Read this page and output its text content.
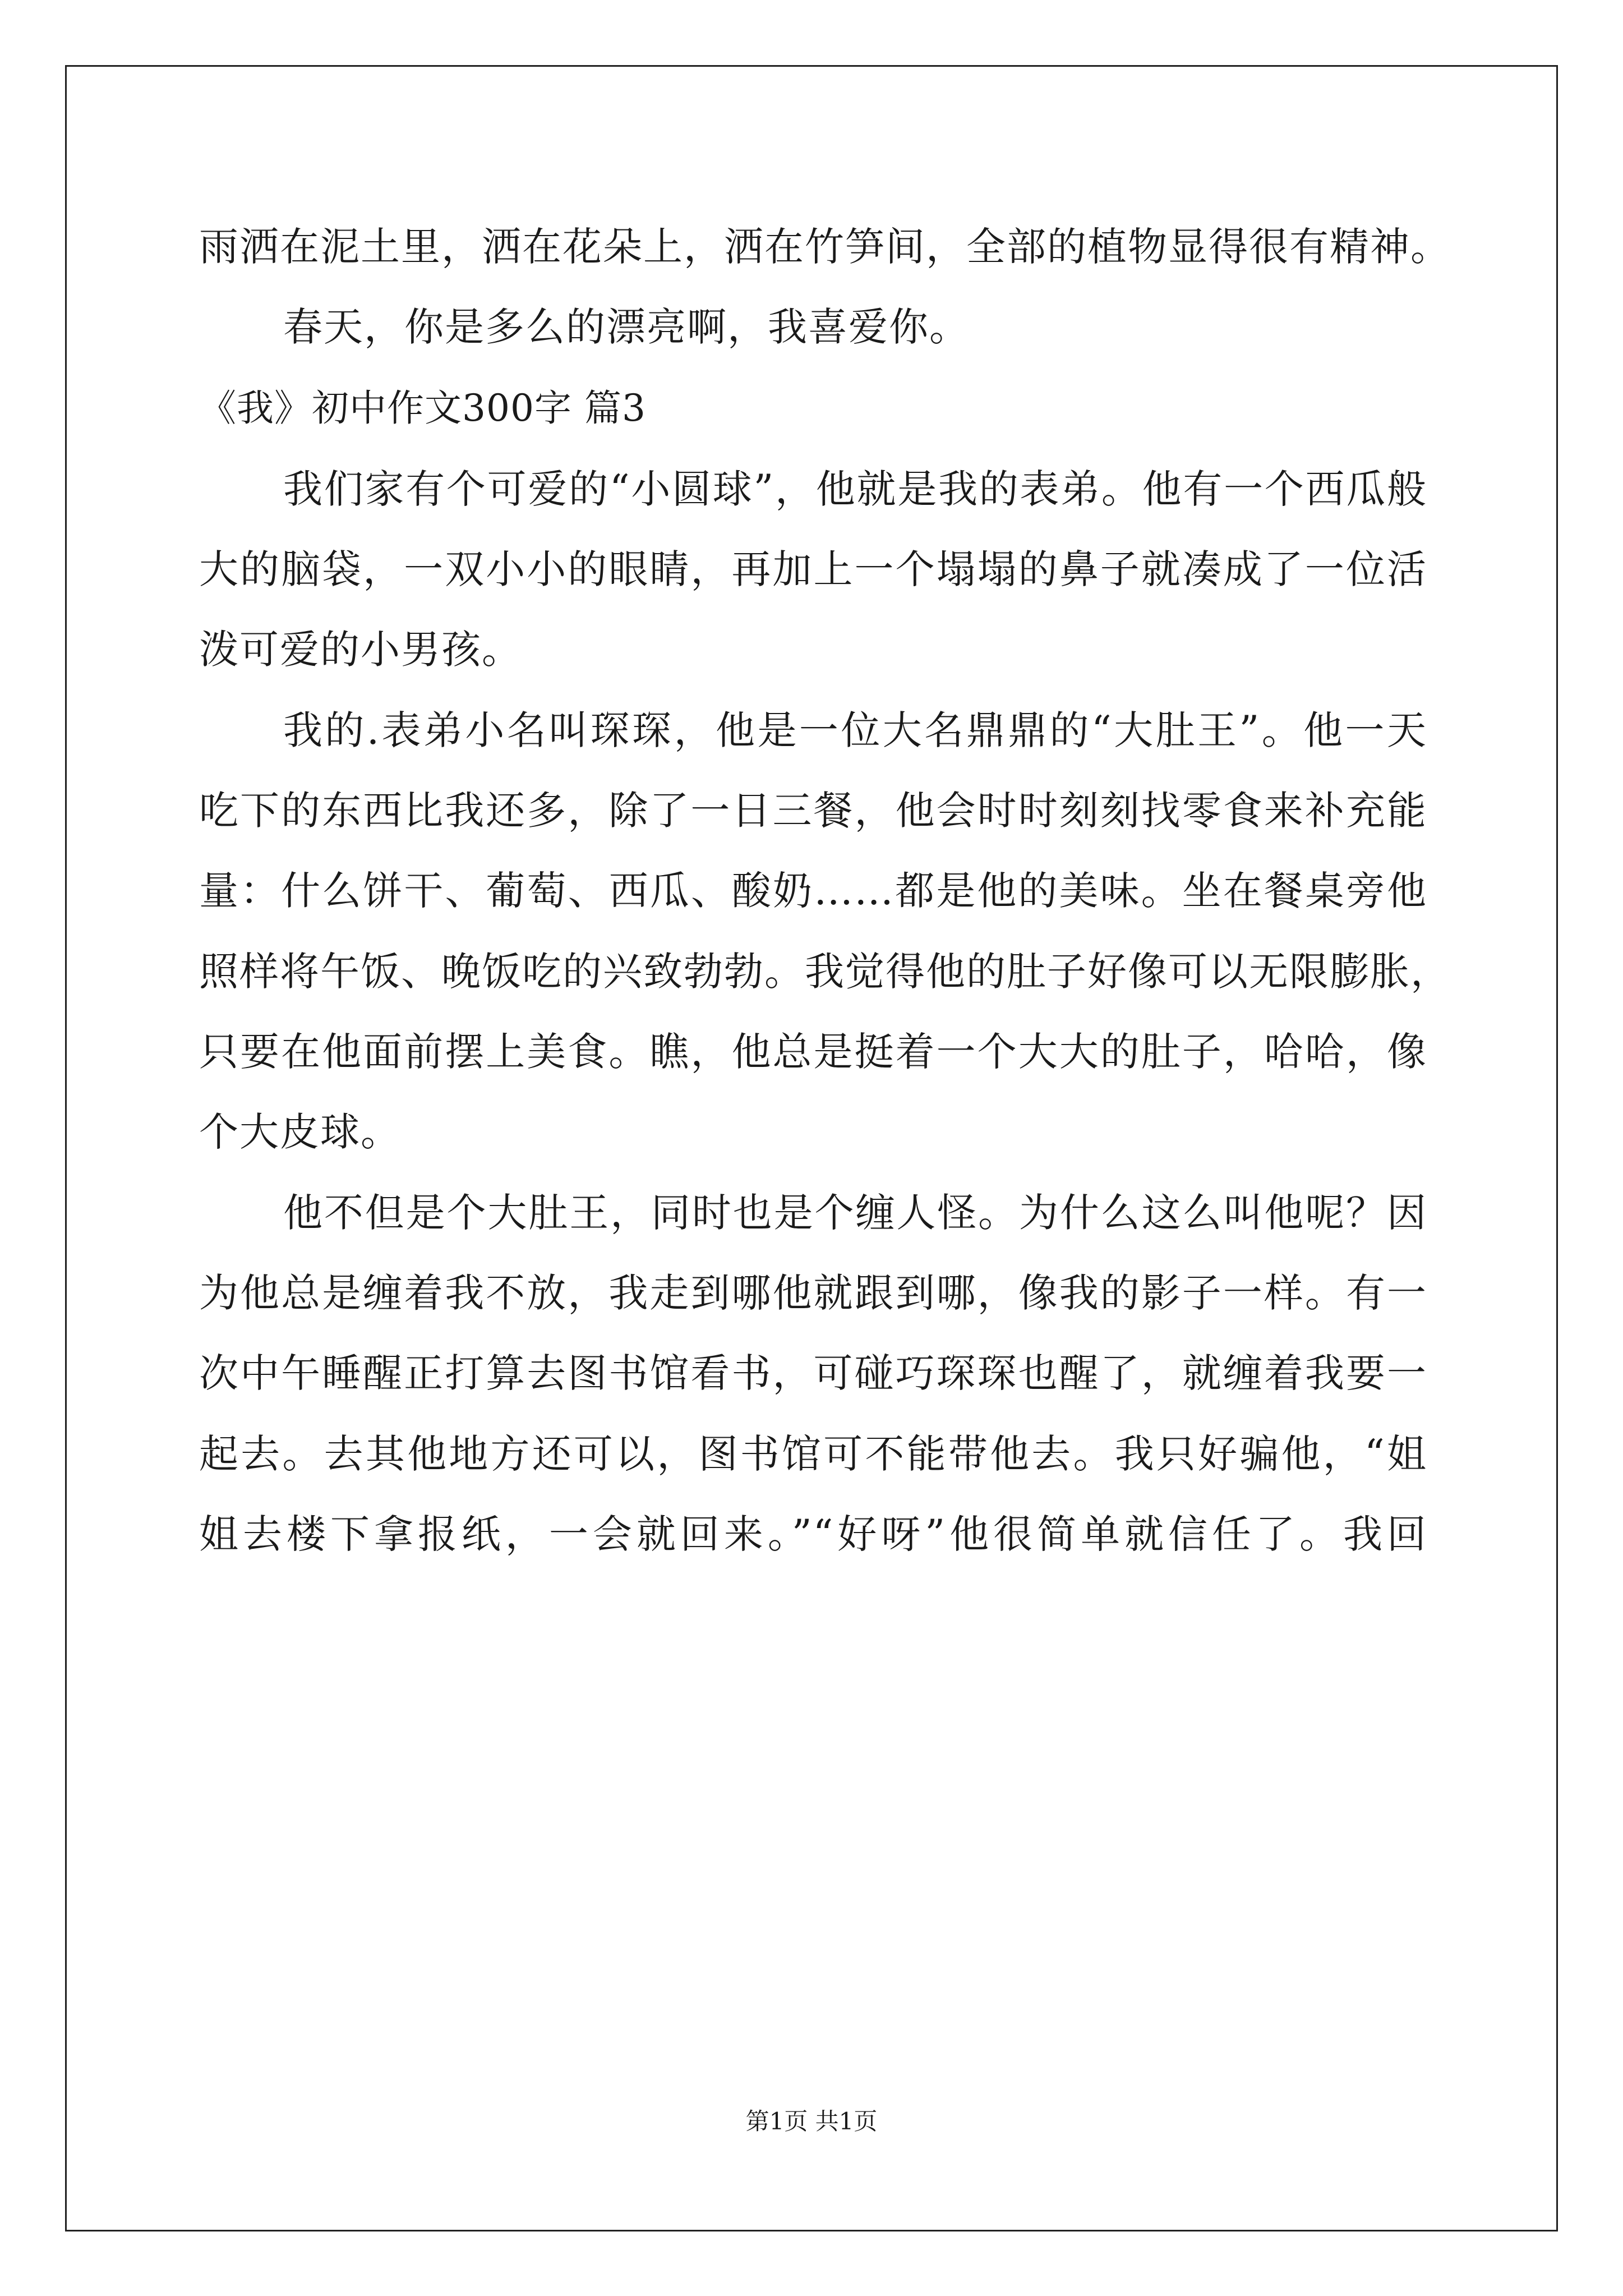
雨洒在泥土里，洒在花朵上，洒在竹笋间，全部的植物显得很有精神。
春天，你是多么的漂亮啊，我喜爱你。
《我》初中作文300字 篇3
我们家有个可爱的“小圆球”，他就是我的表弟。他有一个西瓜般
大的脑袋，一双小小的眼睛，再加上一个塌塌的鼻子就凑成了一位活
泼可爱的小男孩。
我的.表弟小名叫琛琛，他是一位大名鼎鼎的“大肚王”。他一天
吃下的东西比我还多，除了一日三餐，他会时时刻刻找零食来补充能
量：什么饼干、葡萄、西瓜、酸奶……都是他的美味。坐在餐桌旁他
照样将午饭、晚饭吃的兴致勃勃。我觉得他的肚子好像可以无限膨胀，
只要在他面前摆上美食。瞧，他总是挺着一个大大的肚子，哈哈，像
个大皮球。
他不但是个大肚王，同时也是个缠人怪。为什么这么叫他呢？因
为他总是缠着我不放，我走到哪他就跟到哪，像我的影子一样。有一
次中午睡醒正打算去图书馆看书，可碰巧琛琛也醒了，就缠着我要一
起去。去其他地方还可以，图书馆可不能带他去。我只好骗他，“姐
姐去楼下拿报纸，一会就回来。”“好呀”他很简单就信任了。我回
第1页 共1页
